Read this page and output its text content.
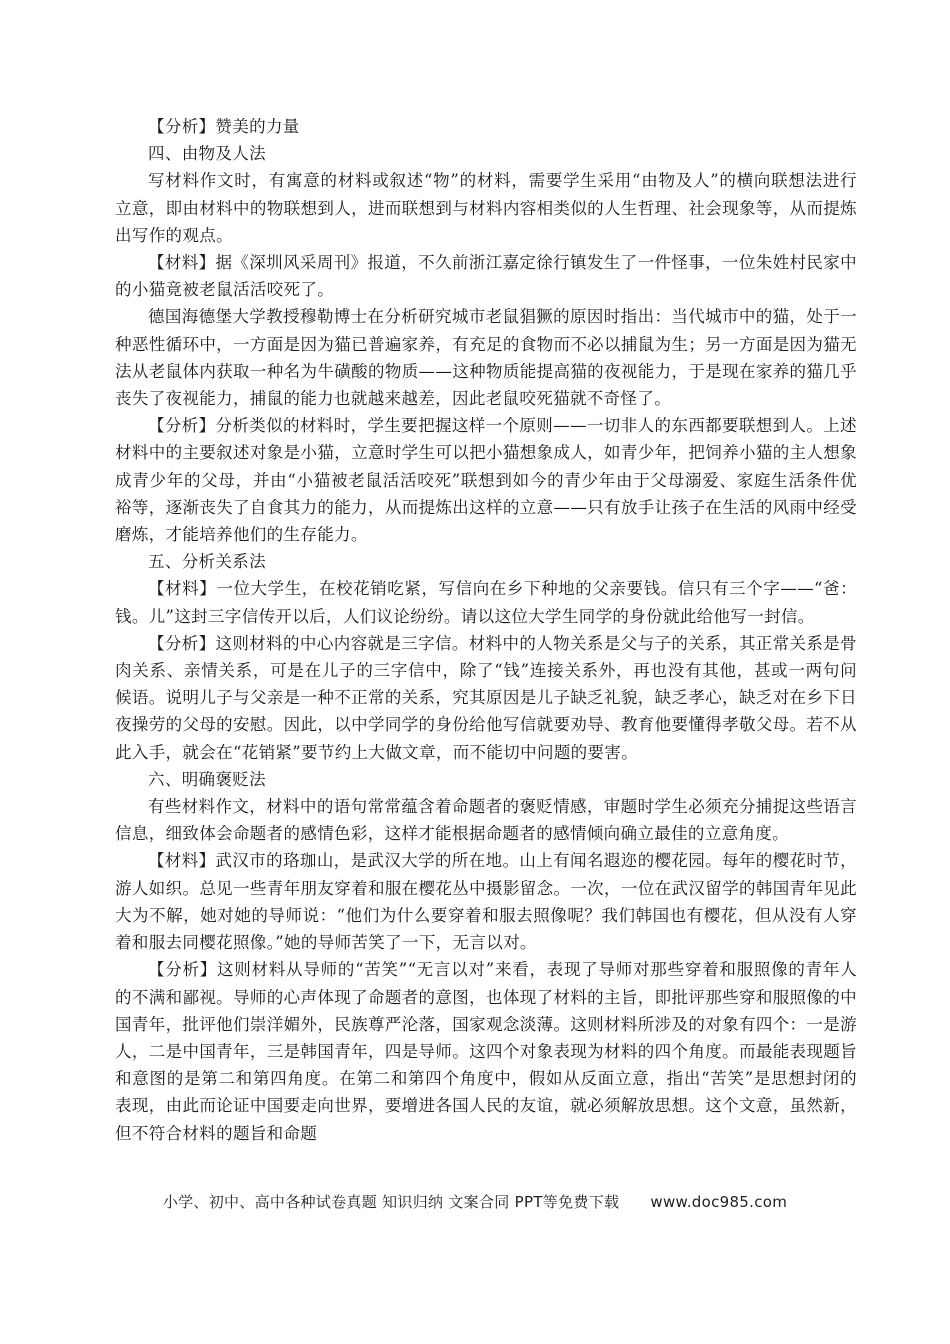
【分析】赞美的力量

四、由物及人法

写材料作文时，有寓意的材料或叙述“物”的材料，需要学生采用“由物及人”的横向联想法进行立意，即由材料中的物联想到人，进而联想到与材料内容相类似的人生哲理、社会现象等，从而提炼出写作的观点。

【材料】据《深圳风采周刊》报道，不久前浙江嘉定徐行镇发生了一件怪事，一位朱姓村民家中的小猫竟被老鼠活活咬死了。

德国海德堡大学教授穆勒博士在分析研究城市老鼠猖獗的原因时指出：当代城市中的猫，处于一种恶性循环中，一方面是因为猫已普遍家养，有充足的食物而不必以捕鼠为生；另一方面是因为猫无法从老鼠体内获取一种名为牛磺酸的物质——这种物质能提高猫的夜视能力，于是现在家养的猫几乎丧失了夜视能力，捕鼠的能力也就越来越差，因此老鼠咬死猫就不奇怪了。

【分析】分析类似的材料时，学生要把握这样一个原则——一切非人的东西都要联想到人。上述材料中的主要叙述对象是小猫，立意时学生可以把小猫想象成人，如青少年，把饲养小猫的主人想象成青少年的父母，并由“小猫被老鼠活活咬死”联想到如今的青少年由于父母溺爱、家庭生活条件优裕等，逐渐丧失了自食其力的能力，从而提炼出这样的立意——只有放手让孩子在生活的风雨中经受磨炼，才能培养他们的生存能力。

五、分析关系法

【材料】一位大学生，在校花销吃紧，写信向在乡下种地的父亲要钱。信只有三个字——“爸：钱。儿”这封三字信传开以后，人们议论纷纷。请以这位大学生同学的身份就此给他写一封信。

【分析】这则材料的中心内容就是三字信。材料中的人物关系是父与子的关系，其正常关系是骨肉关系、亲情关系，可是在儿子的三字信中，除了“钱”连接关系外，再也没有其他，甚或一两句问候语。说明儿子与父亲是一种不正常的关系，究其原因是儿子缺乏礼貌，缺乏孝心，缺乏对在乡下日夜操劳的父母的安慰。因此，以中学同学的身份给他写信就要劝导、教育他要懂得孝敬父母。若不从此入手，就会在“花销紧”要节约上大做文章，而不能切中问题的要害。

六、明确褒贬法

有些材料作文，材料中的语句常常蕴含着命题者的褒贬情感，审题时学生必须充分捕捉这些语言信息，细致体会命题者的感情色彩，这样才能根据命题者的感情倾向确立最佳的立意角度。

【材料】武汉市的珞珈山，是武汉大学的所在地。山上有闻名遐迩的樱花园。每年的樱花时节，游人如织。总见一些青年朋友穿着和服在樱花丛中摄影留念。一次，一位在武汉留学的韩国青年见此大为不解，她对她的导师说：“他们为什么要穿着和服去照像呢？我们韩国也有樱花，但从没有人穿着和服去同樱花照像。”她的导师苦笑了一下，无言以对。

【分析】这则材料从导师的“苦笑”“无言以对”来看，表现了导师对那些穿着和服照像的青年人的不满和鄙视。导师的心声体现了命题者的意图，也体现了材料的主旨，即批评那些穿和服照像的中国青年，批评他们崇洋媚外，民族尊严沦落，国家观念淡薄。这则材料所涉及的对象有四个：一是游人，二是中国青年，三是韩国青年，四是导师。这四个对象表现为材料的四个角度。而最能表现题旨和意图的是第二和第四角度。在第二和第四个角度中，假如从反面立意，指出“苦笑”是思想封闭的表现，由此而论证中国要走向世界，要增进各国人民的友谊，就必须解放思想。这个文意，虽然新，但不符合材料的题旨和命题

小学、初中、高中各种试卷真题 知识归纳 文案合同 PPT等免费下载 www.doc985.com
